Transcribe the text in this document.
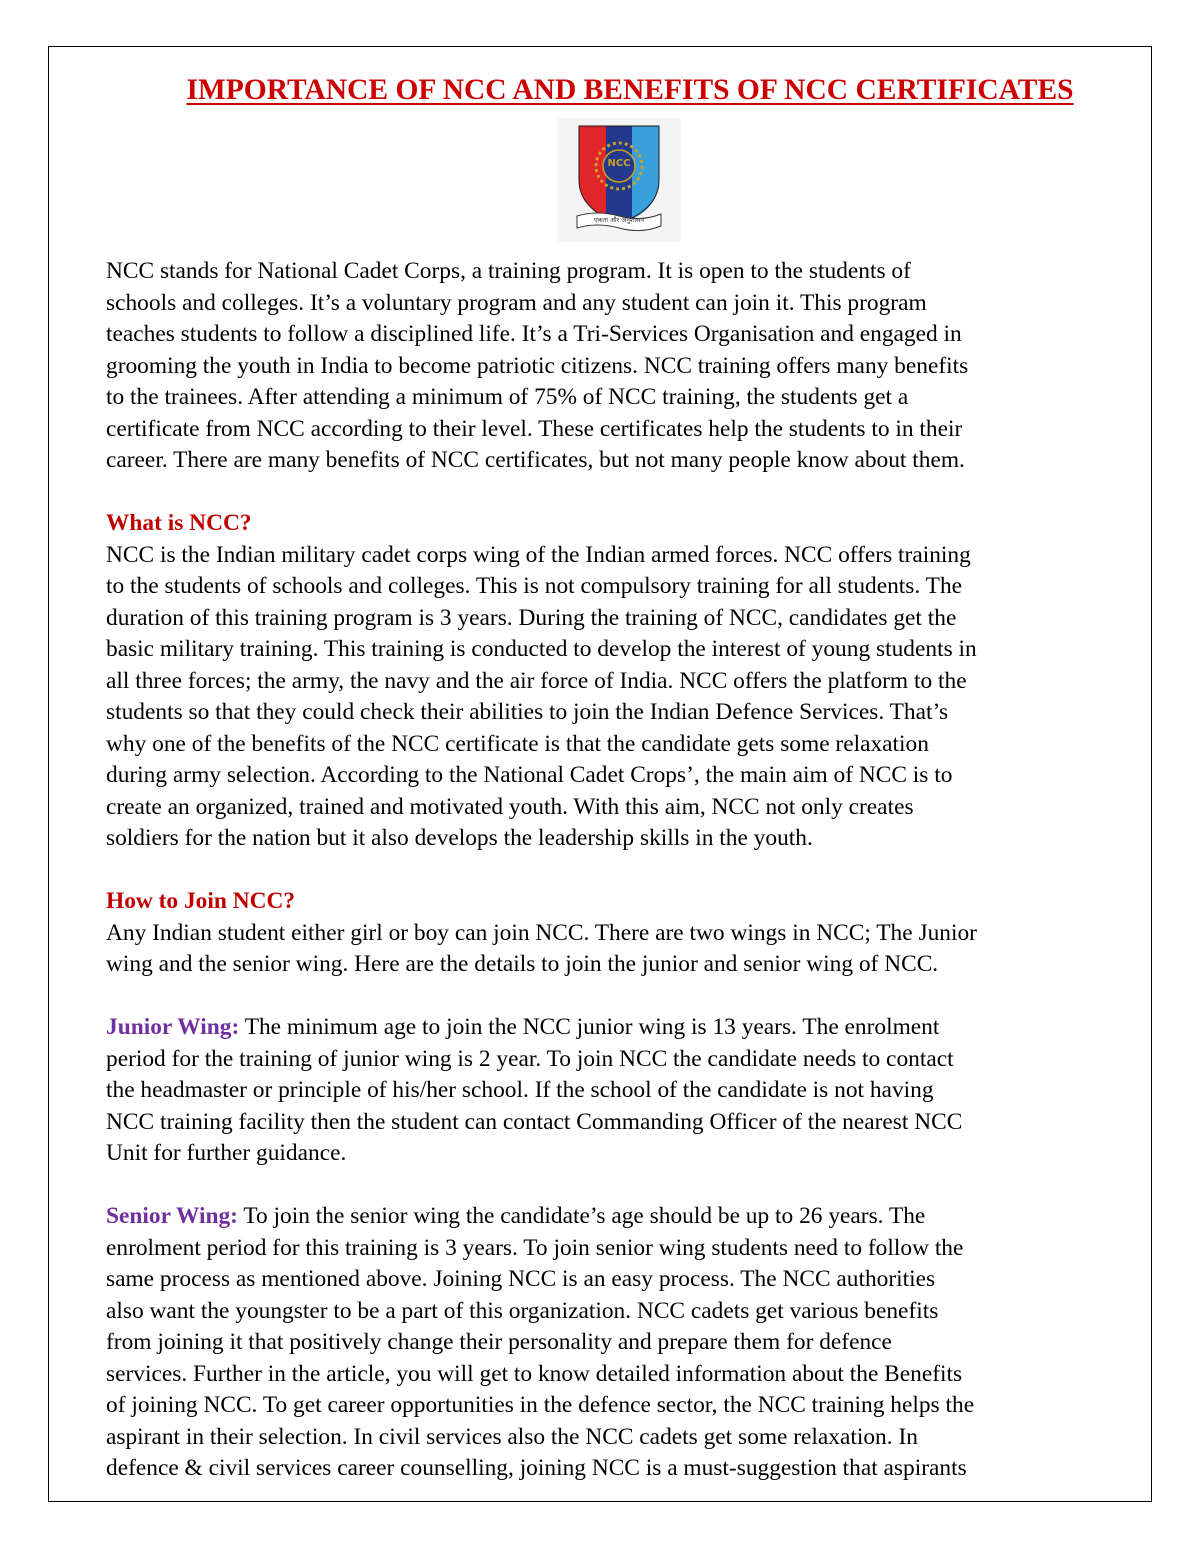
IMPORTANCE OF NCC AND BENEFITS OF NCC CERTIFICATES
NCC
एकता और अनुशासन
NCC stands for National Cadet Corps, a training program. It is open to the students of
schools and colleges. It’s a voluntary program and any student can join it. This program
teaches students to follow a disciplined life. It’s a Tri-Services Organisation and engaged in
grooming the youth in India to become patriotic citizens. NCC training offers many benefits
to the trainees. After attending a minimum of 75% of NCC training, the students get a
certificate from NCC according to their level. These certificates help the students to in their
career. There are many benefits of NCC certificates, but not many people know about them.
What is NCC?
NCC is the Indian military cadet corps wing of the Indian armed forces. NCC offers training
to the students of schools and colleges. This is not compulsory training for all students. The
duration of this training program is 3 years. During the training of NCC, candidates get the
basic military training. This training is conducted to develop the interest of young students in
all three forces; the army, the navy and the air force of India. NCC offers the platform to the
students so that they could check their abilities to join the Indian Defence Services. That’s
why one of the benefits of the NCC certificate is that the candidate gets some relaxation
during army selection. According to the National Cadet Crops’, the main aim of NCC is to
create an organized, trained and motivated youth. With this aim, NCC not only creates
soldiers for the nation but it also develops the leadership skills in the youth.
How to Join NCC?
Any Indian student either girl or boy can join NCC. There are two wings in NCC; The Junior
wing and the senior wing. Here are the details to join the junior and senior wing of NCC.
Junior Wing: The minimum age to join the NCC junior wing is 13 years. The enrolment
period for the training of junior wing is 2 year. To join NCC the candidate needs to contact
the headmaster or principle of his/her school. If the school of the candidate is not having
NCC training facility then the student can contact Commanding Officer of the nearest NCC
Unit for further guidance.
Senior Wing: To join the senior wing the candidate’s age should be up to 26 years. The
enrolment period for this training is 3 years. To join senior wing students need to follow the
same process as mentioned above. Joining NCC is an easy process. The NCC authorities
also want the youngster to be a part of this organization. NCC cadets get various benefits
from joining it that positively change their personality and prepare them for defence
services. Further in the article, you will get to know detailed information about the Benefits
of joining NCC. To get career opportunities in the defence sector, the NCC training helps the
aspirant in their selection. In civil services also the NCC cadets get some relaxation. In
defence & civil services career counselling, joining NCC is a must-suggestion that aspirants
